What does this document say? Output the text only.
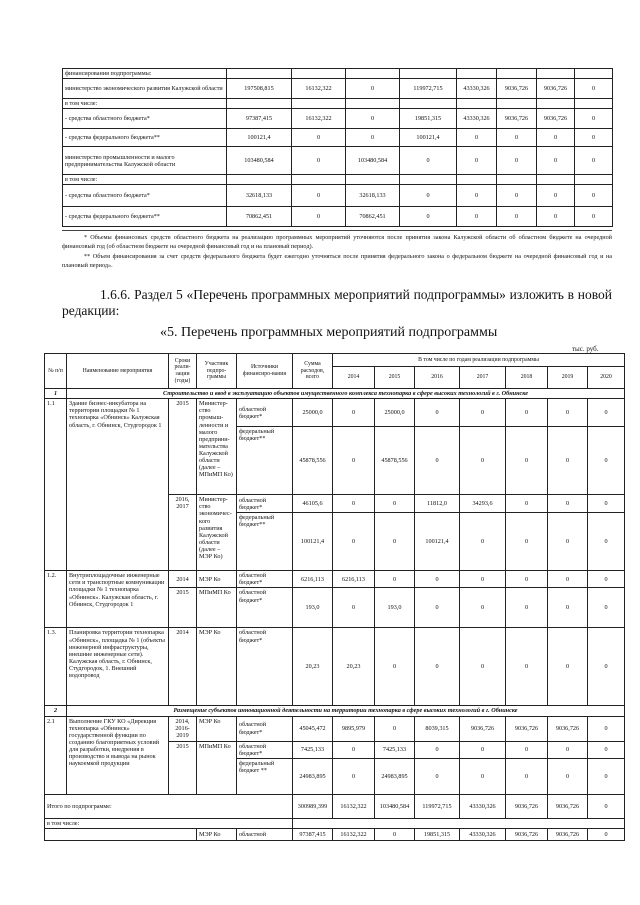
финансирования подпрограммы:								
министерство экономического развития Калужской области	197508,815	16132,322	0	119972,715	43330,326	9036,726	9036,726	0
в том числе:								
- средства областного бюджета*	97387,415	16132,322	0	19851,315	43330,326	9036,726	9036,726	0
- средства федерального бюджета**	100121,4	0	0	100121,4	0	0	0	0
министерство промышленности и малого предпринимательства Калужской области	103480,584	0	103480,584	0	0	0	0	0
в том числе:								
- средства областного бюджета*	32618,133	0	32618,133	0	0	0	0	0
- средства федерального бюджета**	70862,451	0	70862,451	0	0	0	0	0
* Объемы финансовых средств областного бюджета на реализацию программных мероприятий уточняются после принятия закона Калужской области об областном бюджете на очередной финансовый год (об областном бюджете на очередной финансовый год и на плановый период).
** Объем финансирования за счет средств федерального бюджета будет ежегодно уточняться после принятия федерального закона о федеральном бюджете на очередной финансовый год и на плановый период».
1.6.6. Раздел 5 «Перечень программных мероприятий подпрограммы» изложить в новой редакции:
«5. Перечень программных мероприятий подпрограммы
тыс. руб.
№ п/п	Наименование мероприятия	Сроки реали-зации (годы)	Участник подпро-граммы	Источники финансиро-вания	Сумма расходов, всего	В том числе по годам реализации подпрограммы						
						2014	2015	2016	2017	2018	2019	2020
1	Строительство и ввод в эксплуатацию объектов имущественного комплекса технопарка в сфере высоких технологий в г. Обнинске											
1.1	Здание бизнес-инкубатора на территории площадки № 1 технопарка «Обнинск» Калужская область, г. Обнинск, Студгородок 1	2015	Министер-ство промыш-ленности и малого предприни-мательства Калужской области (далее – МПиМП Ко)	областной бюджет*	25000,0	0	25000,0	0	0	0	0	0
				федеральный бюджет**	45878,556	0	45878,556	0	0	0	0	0
		2016, 2017	Министер-ство экономичес-кого развития Калужской области (далее – МЭР Ко)	областной бюджет*	46105,6	0	0	11812,0	34293,6	0	0	0
				федеральный бюджет**	100121,4	0	0	100121,4	0	0	0	0
1.2.	Внутриплощадочные инженерные сети и транспортные коммуникации площадки № 1 технопарка «Обнинск». Калужская область, г. Обнинск, Студгородок 1	2014	МЭР Ко	областной бюджет*	6216,113	6216,113	0	0	0	0	0	0
		2015	МПиМП Ко	областной бюджет*	193,0	0	193,0	0	0	0	0	0
1.3.	Планировка территории технопарка «Обнинск», площадка № 1 (объекты инженерной инфраструктуры, внешние инженерные сети). Калужская область, г. Обнинск, Студгородок, 1. Внешний водопровод	2014	МЭР Ко	областной бюджет*	20,23	20,23	0	0	0	0	0	0
2	Размещение субъектов инновационной деятельности на территории технопарка в сфере высоких технологий в г. Обнинске											
2.1	Выполнение ГКУ КО «Дирекция технопарка «Обнинск» государственной функции по созданию благоприятных условий для разработки, внедрения в производство и вывода на рынок наукоемкой продукции	2014, 2016-2019	МЭР Ко	областной бюджет*	45045,472	9895,979	0	8039,315	9036,726	9036,726	9036,726	0
		2015	МПиМП Ко	областной бюджет*	7425,133	0	7425,133	0	0	0	0	0
				федеральный бюджет **	24983,895	0	24983,895	0	0	0	0	0
Итого по подпрограмме:					300989,399	16132,322	103480,584	119972,715	43330,326	9036,726	9036,726	0
в том числе:												
			МЭР Ко	областной	97387,415	16132,322	0	19851,315	43330,326	9036,726	9036,726	0
